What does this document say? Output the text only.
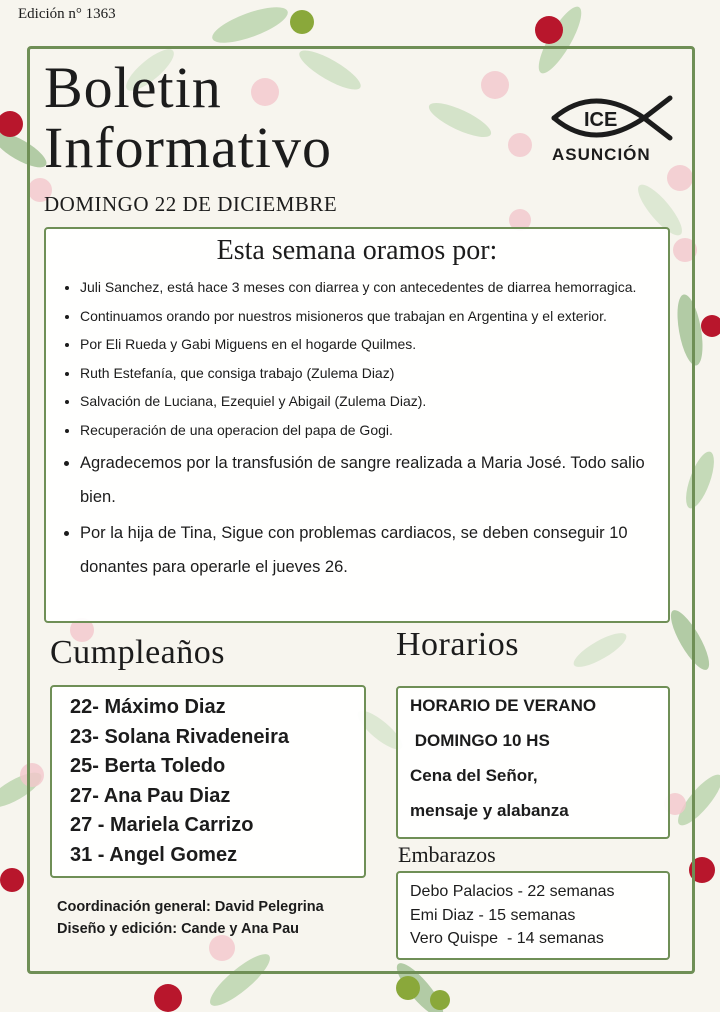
Edición n° 1363
Boletin
Informativo
DOMINGO 22 DE DICIEMBRE
ICE
ASUNCIÓN
Esta semana oramos por:
• Juli Sanchez, está hace 3 meses con diarrea y con antecedentes de diarrea hemorragica.
• Continuamos orando por nuestros misioneros que trabajan en Argentina y el exterior.
• Por Eli Rueda y Gabi Miguens en el hogarde Quilmes.
• Ruth Estefanía, que consiga trabajo (Zulema Diaz)
• Salvación de Luciana, Ezequiel y Abigail (Zulema Diaz).
• Recuperación de una operacion del papa de Gogi.
• Agradecemos por la transfusión de sangre realizada a Maria José. Todo salio bien.
• Por la hija de Tina, Sigue con problemas cardiacos, se deben conseguir 10 donantes para operarle el jueves 26.
Cumpleaños	Horarios
22- Máximo Diaz
23- Solana Rivadeneira
25- Berta Toledo
27- Ana Pau Diaz
27 - Mariela Carrizo
31 - Angel Gomez
HORARIO DE VERANO
DOMINGO 10 HS
Cena del Señor,
mensaje y alabanza
Embarazos
Debo Palacios - 22 semanas
Emi Diaz - 15 semanas
Vero Quispe  - 14 semanas
Coordinación general: David Pelegrina
Diseño y edición: Cande y Ana Pau
